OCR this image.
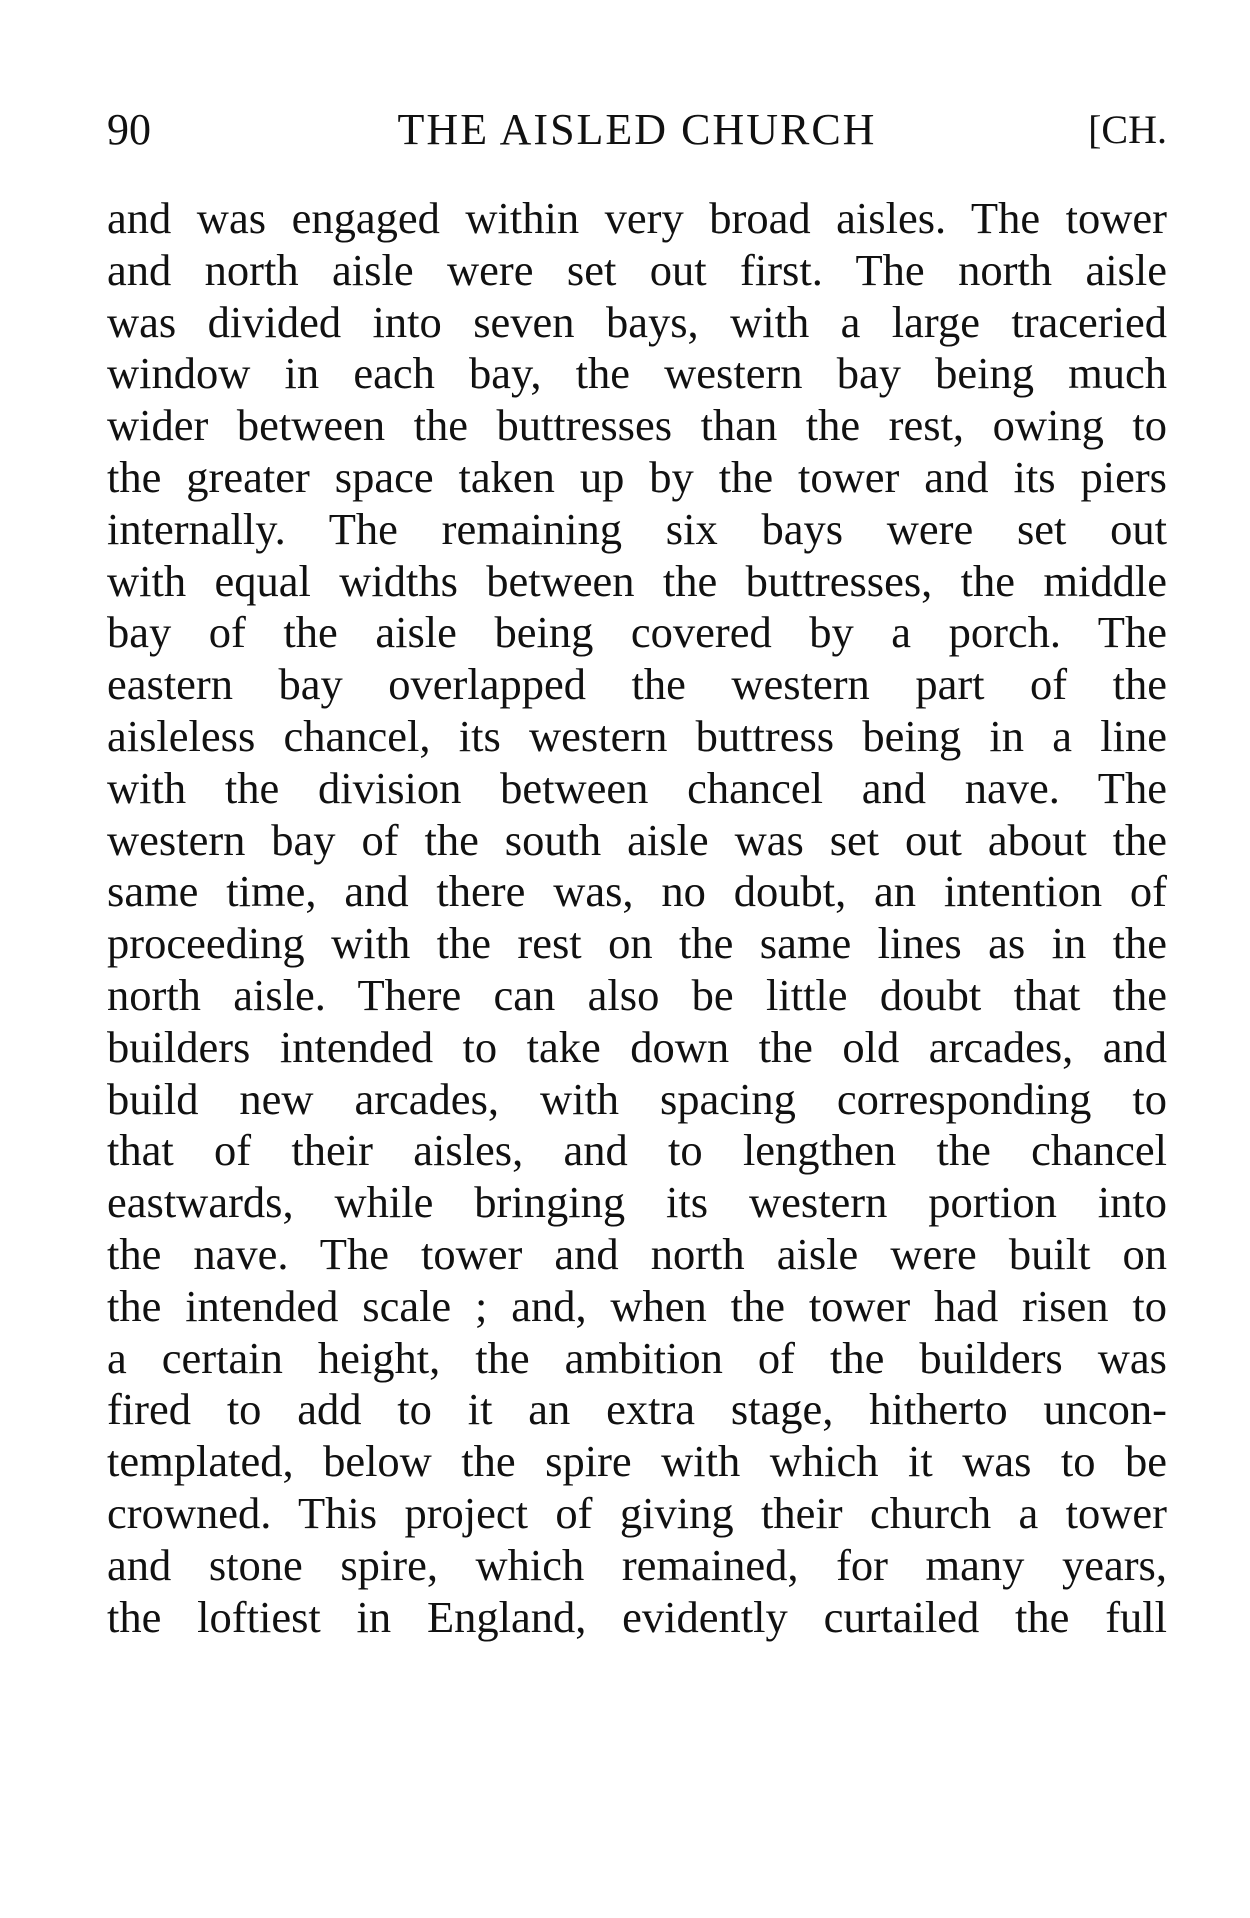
90	THE AISLED CHURCH	[CH.
and was engaged within very broad aisles. The tower
and north aisle were set out first. The north aisle
was divided into seven bays, with a large traceried
window in each bay, the western bay being much
wider between the buttresses than the rest, owing to
the greater space taken up by the tower and its piers
internally. The remaining six bays were set out
with equal widths between the buttresses, the middle
bay of the aisle being covered by a porch. The
eastern bay overlapped the western part of the
aisleless chancel, its western buttress being in a line
with the division between chancel and nave. The
western bay of the south aisle was set out about the
same time, and there was, no doubt, an intention of
proceeding with the rest on the same lines as in the
north aisle. There can also be little doubt that the
builders intended to take down the old arcades, and
build new arcades, with spacing corresponding to
that of their aisles, and to lengthen the chancel
eastwards, while bringing its western portion into
the nave. The tower and north aisle were built on
the intended scale ; and, when the tower had risen to
a certain height, the ambition of the builders was
fired to add to it an extra stage, hitherto uncon-
templated, below the spire with which it was to be
crowned. This project of giving their church a tower
and stone spire, which remained, for many years,
the loftiest in England, evidently curtailed the full
